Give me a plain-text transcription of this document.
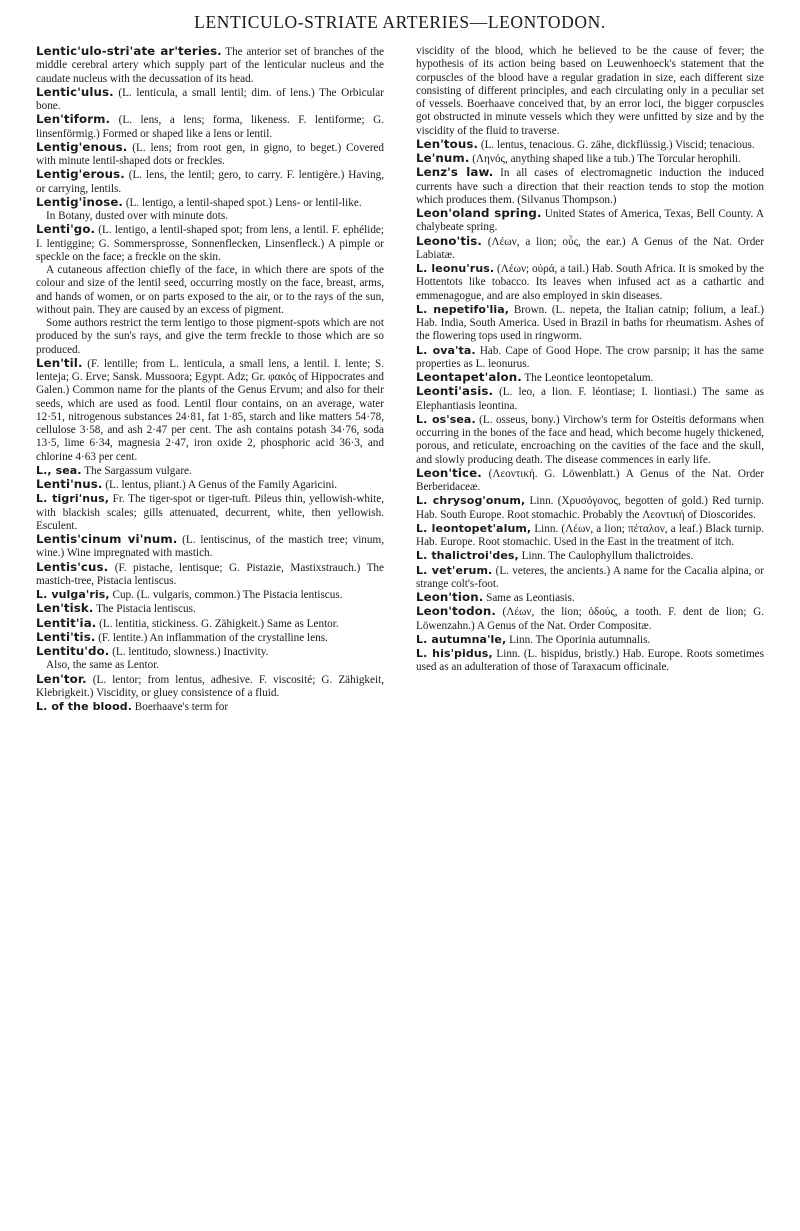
LENTICULO-STRIATE ARTERIES—LEONTODON.

Lentic'ulo-stri'ate ar'teries. The anterior set of branches of the middle cerebral artery which supply part of the lenticular nucleus and the caudate nucleus with the decussation of its head.

Lentic'ulus. (L. lenticula, a small lentil; dim. of lens.) The Orbicular bone.

Len'tiform. (L. lens, a lens; forma, likeness. F. lentiforme; G. linsenförmig.) Formed or shaped like a lens or lentil.

Lentig'enous. (L. lens; from root gen, in gigno, to beget.) Covered with minute lentil-shaped dots or freckles.

Lentig'erous. (L. lens, the lentil; gero, to carry. F. lentigère.) Having, or carrying, lentils.

Lentig'inose. (L. lentigo, a lentil-shaped spot.) Lens- or lentil-like.

In Botany, dusted over with minute dots.

Lenti'go. (L. lentigo, a lentil-shaped spot; from lens, a lentil. F. ephélide; I. lentiggine; G. Sommersprosse, Sonnenflecken, Linsenfleck.) A pimple or speckle on the face; a freckle on the skin.

A cutaneous affection chiefly of the face, in which there are spots of the colour and size of the lentil seed, occurring mostly on the face, breast, arms, and hands of women, or on parts exposed to the air, or to the rays of the sun, without pain. They are caused by an excess of pigment.

Some authors restrict the term lentigo to those pigment-spots which are not produced by the sun's rays, and give the term freckle to those which are so produced.

Len'til. (F. lentille; from L. lenticula, a small lens, a lentil. I. lente; S. lenteja; G. Erve; Sansk. Mussoora; Egypt. Adz; Gr. φακός of Hippocrates and Galen.) Common name for the plants of the Genus Ervum; and also for their seeds, which are used as food. Lentil flour contains, on an average, water 12·51, nitrogenous substances 24·81, fat 1·85, starch and like matters 54·78, cellulose 3·58, and ash 2·47 per cent. The ash contains potash 34·76, soda 13·5, lime 6·34, magnesia 2·47, iron oxide 2, phosphoric acid 36·3, and chlorine 4·63 per cent.

L., sea. The Sargassum vulgare.

Lenti'nus. (L. lentus, pliant.) A Genus of the Family Agaricini.

L. tigri'nus, Fr. The tiger-spot or tiger-tuft. Pileus thin, yellowish-white, with blackish scales; gills attenuated, decurrent, white, then yellowish. Esculent.

Lentis'cinum vi'num. (L. lentiscinus, of the mastich tree; vinum, wine.) Wine impregnated with mastich.

Lentis'cus. (F. pistache, lentisque; G. Pistazie, Mastixstrauch.) The mastich-tree, Pistacia lentiscus.

L. vulga'ris, Cup. (L. vulgaris, common.) The Pistacia lentiscus.

Len'tisk. The Pistacia lentiscus.

Lentit'ia. (L. lentitia, stickiness. G. Zähigkeit.) Same as Lentor.

Lenti'tis. (F. lentite.) An inflammation of the crystalline lens.

Lentitu'do. (L. lentitudo, slowness.) Inactivity.

Also, the same as Lentor.

Len'tor. (L. lentor; from lentus, adhesive. F. viscosité; G. Zähigkeit, Klebrigkeit.) Viscidity, or gluey consistence of a fluid.

L. of the blood. Boerhaave's term for

viscidity of the blood, which he believed to be the cause of fever; the hypothesis of its action being based on Leuwenhoeck's statement that the corpuscles of the blood have a regular gradation in size, each different size consisting of different principles, and each circulating only in a peculiar set of vessels. Boerhaave conceived that, by an error loci, the bigger corpuscles got obstructed in minute vessels which they were unfitted by size and by the viscidity of the fluid to traverse.

Len'tous. (L. lentus, tenacious. G. zähe, dickflüssig.) Viscid; tenacious.

Le'num. (Ληνός, anything shaped like a tub.) The Torcular herophili.

Lenz's law. In all cases of electromagnetic induction the induced currents have such a direction that their reaction tends to stop the motion which produces them. (Silvanus Thompson.)

Leon'oland spring. United States of America, Texas, Bell County. A chalybeate spring.

Leono'tis. (Λέων, a lion; οὖς, the ear.) A Genus of the Nat. Order Labiatæ.

L. leonu'rus. (Λέων; οὐρά, a tail.) Hab. South Africa. It is smoked by the Hottentots like tobacco. Its leaves when infused act as a cathartic and emmenagogue, and are also employed in skin diseases.

L. nepetifo'lia, Brown. (L. nepeta, the Italian catnip; folium, a leaf.) Hab. India, South America. Used in Brazil in baths for rheumatism. Ashes of the flowering tops used in ringworm.

L. ova'ta. Hab. Cape of Good Hope. The crow parsnip; it has the same properties as L. leonurus.

Leontapet'alon. The Leontice leontopetalum.

Leonti'asis. (L. leo, a lion. F. léontiase; I. liontiasi.) The same as Elephantiasis leontina.

L. os'sea. (L. osseus, bony.) Virchow's term for Osteitis deformans when occurring in the bones of the face and head, which become hugely thickened, porous, and reticulate, encroaching on the cavities of the face and the skull, and slowly producing death. The disease commences in early life.

Leon'tice. (Λεοντική. G. Löwenblatt.) A Genus of the Nat. Order Berberidaceæ.

L. chrysog'onum, Linn. (Χρυσόγονος, begotten of gold.) Red turnip. Hab. South Europe. Root stomachic. Probably the Λεοντική of Dioscorides.

L. leontopet'alum, Linn. (Λέων, a lion; πέταλον, a leaf.) Black turnip. Hab. Europe. Root stomachic. Used in the East in the treatment of itch.

L. thalictroi'des, Linn. The Caulophyllum thalictroides.

L. vet'erum. (L. veteres, the ancients.) A name for the Cacalia alpina, or strange colt's-foot.

Leon'tion. Same as Leontiasis.

Leon'todon. (Λέων, the lion; ὀδούς, a tooth. F. dent de lion; G. Löwenzahn.) A Genus of the Nat. Order Compositæ.

L. autumna'le, Linn. The Oporinia autumnalis.

L. his'pidus, Linn. (L. hispidus, bristly.) Hab. Europe. Roots sometimes used as an adulteration of those of Taraxacum officinale.
